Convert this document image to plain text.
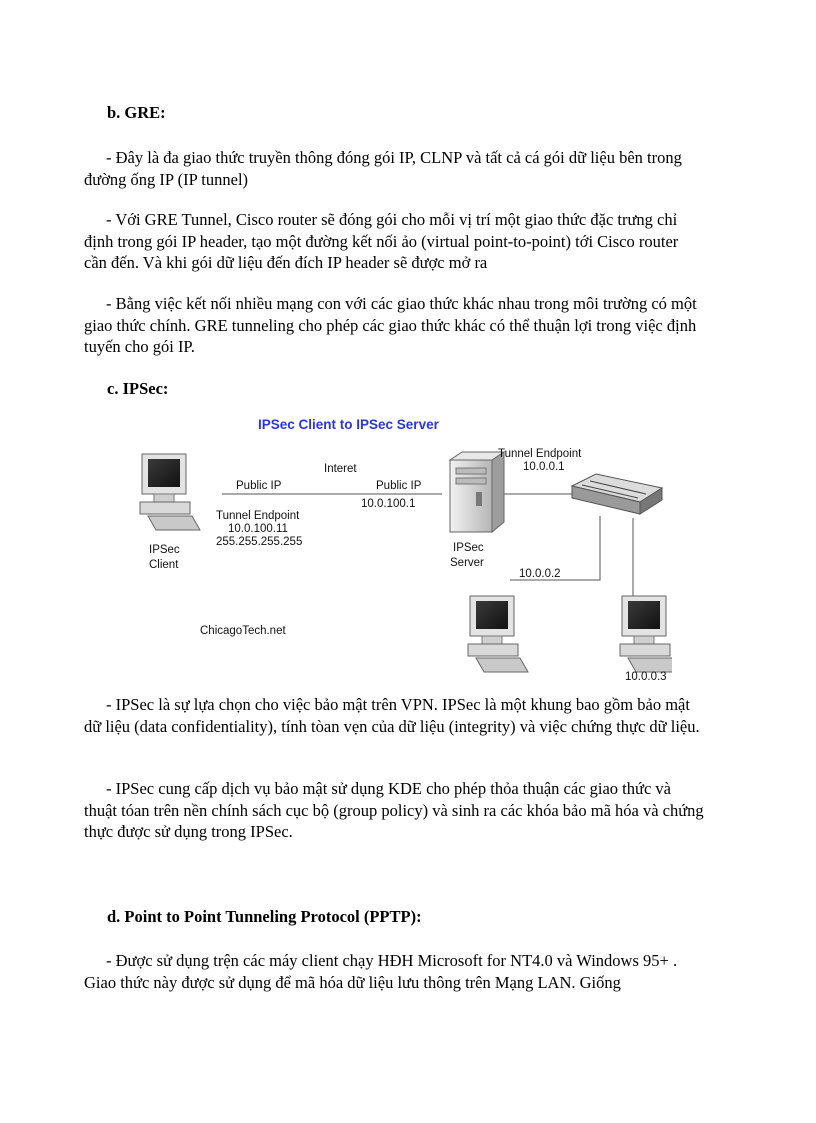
b. GRE:

- Đây là đa giao thức truyền thông đóng gói IP, CLNP và tất cả cá gói dữ liệu bên trong đường ống IP (IP tunnel)

- Với GRE Tunnel, Cisco router sẽ đóng gói cho mỗi vị trí một giao thức đặc trưng chỉ định trong gói IP header, tạo một đường kết nối ảo (virtual point-to-point) tới Cisco router cần đến. Và khi gói dữ liệu đến đích IP header sẽ được mở ra

- Bằng việc kết nối nhiều mạng con với các giao thức khác nhau trong môi trường có một giao thức chính. GRE tunneling cho phép các giao thức khác có thể thuận lợi trong việc định tuyến cho gói IP.

c. IPSec:

IPSec Client to IPSec Server
Interet
Public IP	Public IP
10.0.100.1
Tunnel Endpoint
10.0.100.11
255.255.255.255
IPSec
Client
IPSec
Server
Tunnel Endpoint
10.0.0.1
10.0.0.2
10.0.0.3
ChicagoTech.net

- IPSec là sự lựa chọn cho việc bảo mật trên VPN. IPSec là một khung bao gồm bảo mật dữ liệu (data confidentiality), tính tòan vẹn của dữ liệu (integrity) và việc chứng thực dữ liệu.

- IPSec cung cấp dịch vụ bảo mật sử dụng KDE cho phép thỏa thuận các giao thức và thuật tóan trên nền chính sách cục bộ (group policy) và sinh ra các khóa bảo mã hóa và chứng thực được sử dụng trong IPSec.

d. Point to Point Tunneling Protocol (PPTP):

- Được sử dụng trện các máy client chạy HĐH Microsoft for NT4.0 và Windows 95+ . Giao thức này được sử dụng để mã hóa dữ liệu lưu thông trên Mạng LAN. Giống
